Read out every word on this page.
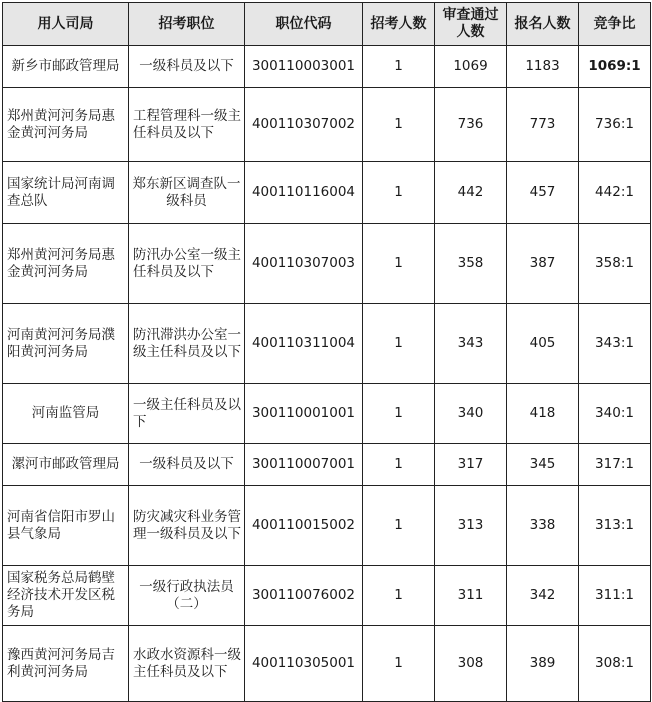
用人司局	招考职位	职位代码	招考人数	审查通过人数	报名人数	竞争比
新乡市邮政管理局	一级科员及以下	300110003001	1	1069	1183	1069:1
郑州黄河河务局惠金黄河河务局	工程管理科一级主任科员及以下	400110307002	1	736	773	736:1
国家统计局河南调查总队	郑东新区调查队一级科员	400110116004	1	442	457	442:1
郑州黄河河务局惠金黄河河务局	防汛办公室一级主任科员及以下	400110307003	1	358	387	358:1
河南黄河河务局濮阳黄河河务局	防汛滞洪办公室一级主任科员及以下	400110311004	1	343	405	343:1
河南监管局	一级主任科员及以下	300110001001	1	340	418	340:1
漯河市邮政管理局	一级科员及以下	300110007001	1	317	345	317:1
河南省信阳市罗山县气象局	防灾减灾科业务管理一级科员及以下	400110015002	1	313	338	313:1
国家税务总局鹤壁经济技术开发区税务局	一级行政执法员（二）	300110076002	1	311	342	311:1
豫西黄河河务局吉利黄河河务局	水政水资源科一级主任科员及以下	400110305001	1	308	389	308:1
